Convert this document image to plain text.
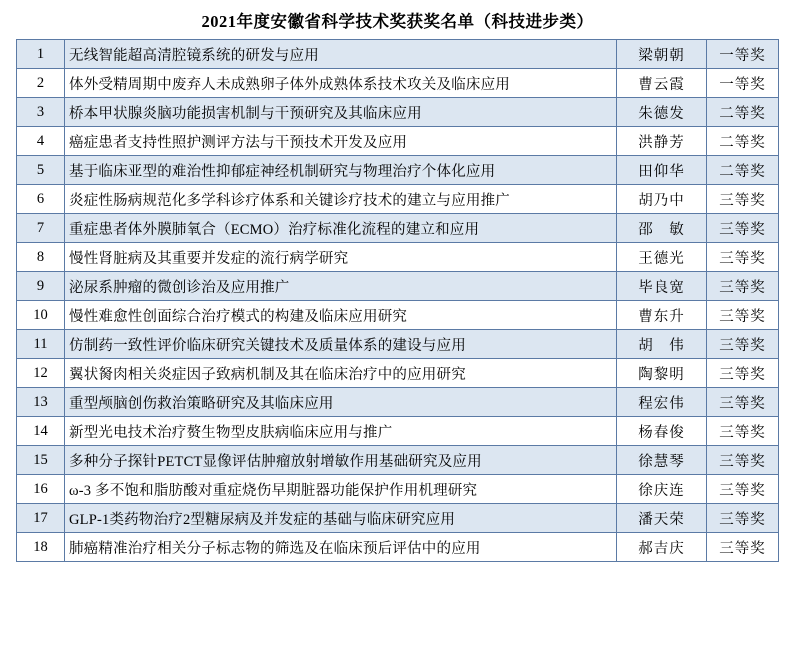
2021年度安徽省科学技术奖获奖名单（科技进步类）
1	无线智能超高清腔镜系统的研发与应用	梁朝朝	一等奖
2	体外受精周期中废弃人未成熟卵子体外成熟体系技术攻关及临床应用	曹云霞	一等奖
3	桥本甲状腺炎脑功能损害机制与干预研究及其临床应用	朱德发	二等奖
4	癌症患者支持性照护测评方法与干预技术开发及应用	洪静芳	二等奖
5	基于临床亚型的难治性抑郁症神经机制研究与物理治疗个体化应用	田仰华	二等奖
6	炎症性肠病规范化多学科诊疗体系和关键诊疗技术的建立与应用推广	胡乃中	三等奖
7	重症患者体外膜肺氧合（ECMO）治疗标准化流程的建立和应用	邵　敏	三等奖
8	慢性肾脏病及其重要并发症的流行病学研究	王德光	三等奖
9	泌尿系肿瘤的微创诊治及应用推广	毕良宽	三等奖
10	慢性难愈性创面综合治疗模式的构建及临床应用研究	曹东升	三等奖
11	仿制药一致性评价临床研究关键技术及质量体系的建设与应用	胡　伟	三等奖
12	翼状胬肉相关炎症因子致病机制及其在临床治疗中的应用研究	陶黎明	三等奖
13	重型颅脑创伤救治策略研究及其临床应用	程宏伟	三等奖
14	新型光电技术治疗赘生物型皮肤病临床应用与推广	杨春俊	三等奖
15	多种分子探针PETCT显像评估肿瘤放射增敏作用基础研究及应用	徐慧琴	三等奖
16	ω-3 多不饱和脂肪酸对重症烧伤早期脏器功能保护作用机理研究	徐庆连	三等奖
17	GLP-1类药物治疗2型糖尿病及并发症的基础与临床研究应用	潘天荣	三等奖
18	肺癌精准治疗相关分子标志物的筛选及在临床预后评估中的应用	郝吉庆	三等奖
